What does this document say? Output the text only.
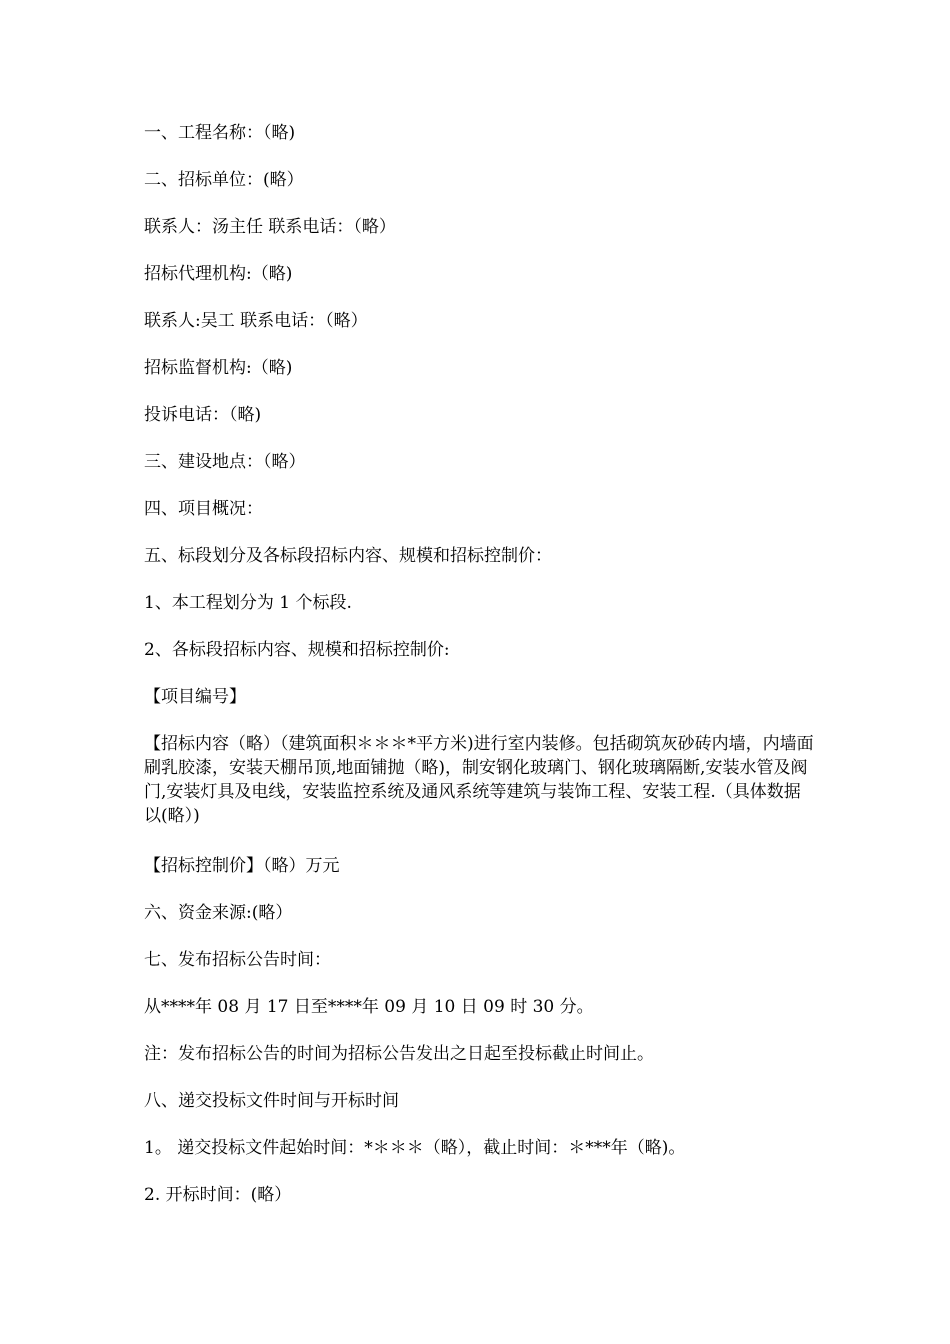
一、工程名称：（略)

二、招标单位：(略）

联系人：汤主任 联系电话：（略）

招标代理机构:（略)

联系人:吴工 联系电话：（略）

招标监督机构:（略)

投诉电话：（略)

三、建设地点：（略）

四、项目概况：

五、标段划分及各标段招标内容、规模和招标控制价：

1、本工程划分为 1 个标段.

2、各标段招标内容、规模和招标控制价:

【项目编号】

【招标内容（略）（建筑面积＊＊＊*平方米)进行室内装修。包括砌筑灰砂砖内墙，内墙面刷乳胶漆，安装天棚吊顶,地面铺抛（略)，制安钢化玻璃门、钢化玻璃隔断,安装水管及阀门,安装灯具及电线，安装监控系统及通风系统等建筑与装饰工程、安装工程.（具体数据以(略）)

【招标控制价】（略）万元

六、资金来源:(略）

七、发布招标公告时间：

从****年 08 月 17 日至****年 09 月 10 日 09 时 30 分。

注：发布招标公告的时间为招标公告发出之日起至投标截止时间止。

八、递交投标文件时间与开标时间

1。 递交投标文件起始时间：*＊＊＊（略），截止时间：＊***年（略)。

2. 开标时间：(略）
